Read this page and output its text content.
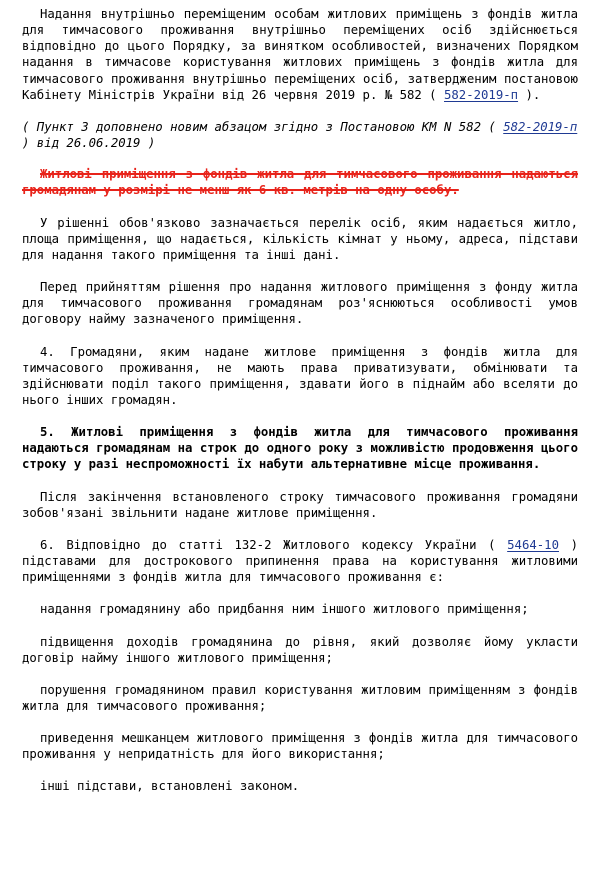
Надання внутрішньо переміщеним особам житлових приміщень з фондів житла для тимчасового проживання внутрішньо переміщених осіб здійснюється відповідно до цього Порядку, за винятком особливостей, визначених Порядком надання в тимчасове користування житлових приміщень з фондів житла для тимчасового проживання внутрішньо переміщених осіб, затвердженим постановою Кабінету Міністрів України від 26 червня 2019 р. № 582 ( 582-2019-п ).

( Пункт 3 доповнено новим абзацом згідно з Постановою КМ N 582 ( 582-2019-п ) від 26.06.2019 )

Житлові приміщення з фондів житла для тимчасового проживання надаються громадянам у розмірі не менш як 6 кв. метрів на одну особу.

У рішенні обов'язково зазначається перелік осіб, яким надається житло, площа приміщення, що надається, кількість кімнат у ньому, адреса, підстави для надання такого приміщення та інші дані.

Перед прийняттям рішення про надання житлового приміщення з фонду житла для тимчасового проживання громадянам роз'яснюються особливості умов договору найму зазначеного приміщення.

4. Громадяни, яким надане житлове приміщення з фондів житла для тимчасового проживання, не мають права приватизувати, обмінювати та здійснювати поділ такого приміщення, здавати його в піднайм або вселяти до нього інших громадян.

5. Житлові приміщення з фондів житла для тимчасового проживання надаються громадянам на строк до одного року з можливістю продовження цього строку у разі неспроможності їх набути альтернативне місце проживання.

Після закінчення встановленого строку тимчасового проживання громадяни зобов'язані звільнити надане житлове приміщення.

6. Відповідно до статті 132-2 Житлового кодексу України ( 5464-10 ) підставами для дострокового припинення права на користування житловими приміщеннями з фондів житла для тимчасового проживання є:

надання громадянину або придбання ним іншого житлового приміщення;

підвищення доходів громадянина до рівня, який дозволяє йому укласти договір найму іншого житлового приміщення;

порушення громадянином правил користування житловим приміщенням з фондів житла для тимчасового проживання;

приведення мешканцем житлового приміщення з фондів житла для тимчасового проживання у непридатність для його використання;

інші підстави, встановлені законом.
